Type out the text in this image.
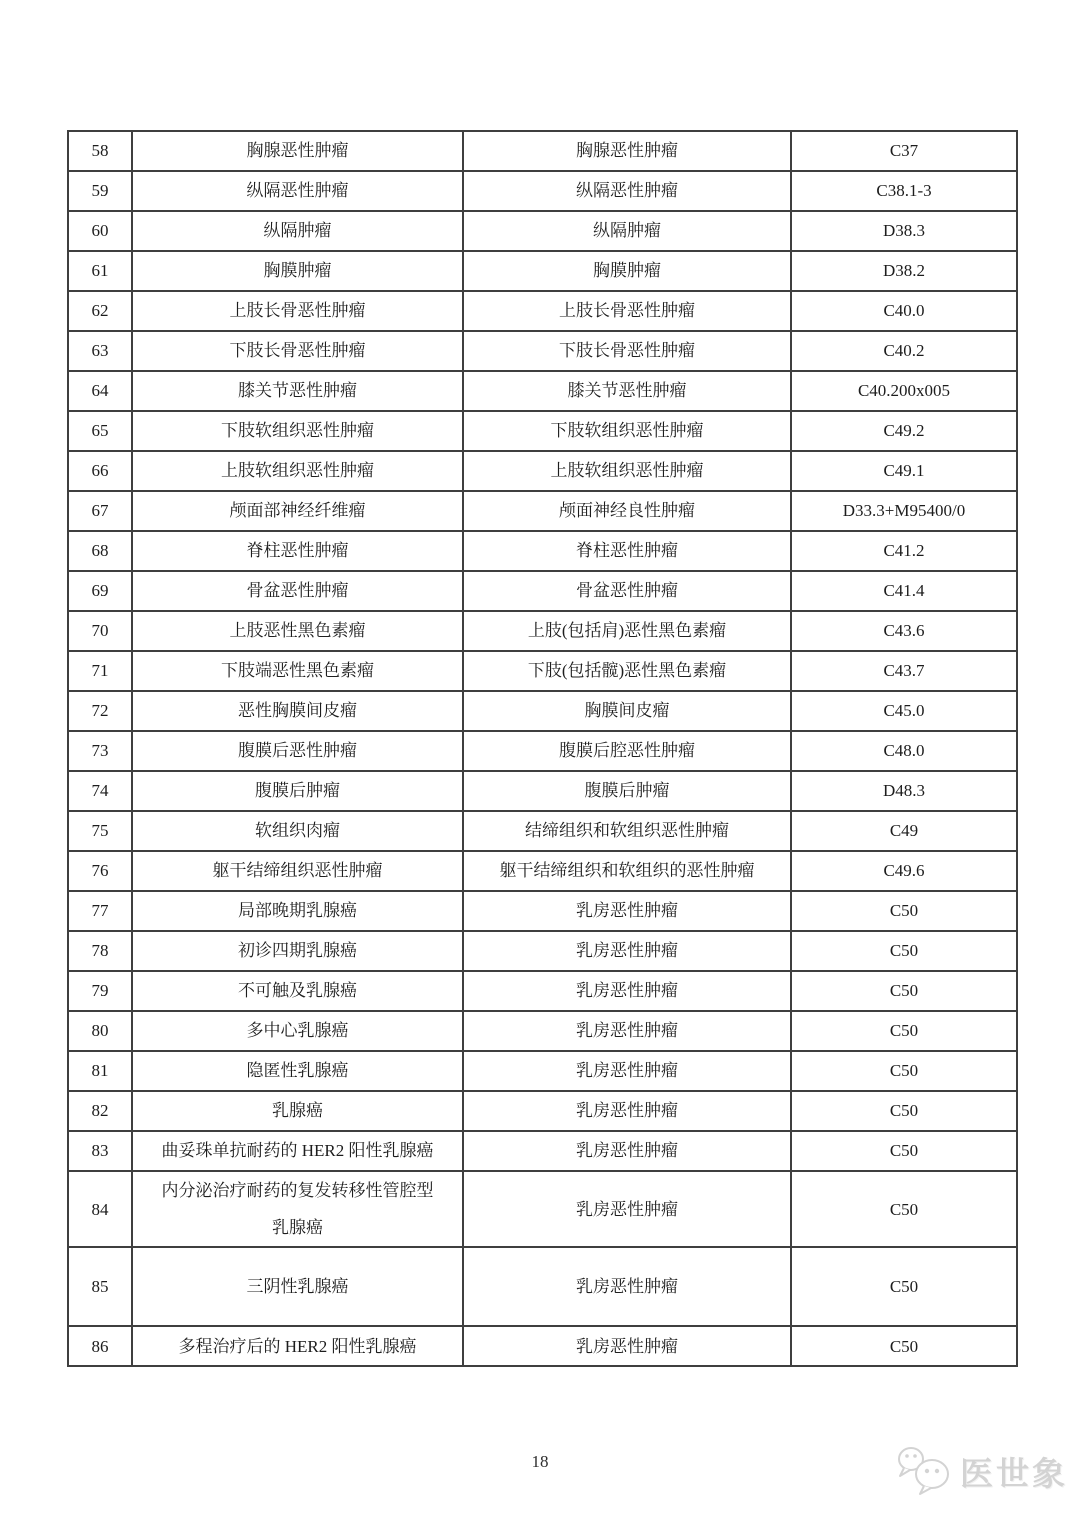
58	胸腺恶性肿瘤	胸腺恶性肿瘤	C37
59	纵隔恶性肿瘤	纵隔恶性肿瘤	C38.1-3
60	纵隔肿瘤	纵隔肿瘤	D38.3
61	胸膜肿瘤	胸膜肿瘤	D38.2
62	上肢长骨恶性肿瘤	上肢长骨恶性肿瘤	C40.0
63	下肢长骨恶性肿瘤	下肢长骨恶性肿瘤	C40.2
64	膝关节恶性肿瘤	膝关节恶性肿瘤	C40.200x005
65	下肢软组织恶性肿瘤	下肢软组织恶性肿瘤	C49.2
66	上肢软组织恶性肿瘤	上肢软组织恶性肿瘤	C49.1
67	颅面部神经纤维瘤	颅面神经良性肿瘤	D33.3+M95400/0
68	脊柱恶性肿瘤	脊柱恶性肿瘤	C41.2
69	骨盆恶性肿瘤	骨盆恶性肿瘤	C41.4
70	上肢恶性黑色素瘤	上肢(包括肩)恶性黑色素瘤	C43.6
71	下肢端恶性黑色素瘤	下肢(包括髋)恶性黑色素瘤	C43.7
72	恶性胸膜间皮瘤	胸膜间皮瘤	C45.0
73	腹膜后恶性肿瘤	腹膜后腔恶性肿瘤	C48.0
74	腹膜后肿瘤	腹膜后肿瘤	D48.3
75	软组织肉瘤	结缔组织和软组织恶性肿瘤	C49
76	躯干结缔组织恶性肿瘤	躯干结缔组织和软组织的恶性肿瘤	C49.6
77	局部晚期乳腺癌	乳房恶性肿瘤	C50
78	初诊四期乳腺癌	乳房恶性肿瘤	C50
79	不可触及乳腺癌	乳房恶性肿瘤	C50
80	多中心乳腺癌	乳房恶性肿瘤	C50
81	隐匿性乳腺癌	乳房恶性肿瘤	C50
82	乳腺癌	乳房恶性肿瘤	C50
83	曲妥珠单抗耐药的 HER2 阳性乳腺癌	乳房恶性肿瘤	C50
84	内分泌治疗耐药的复发转移性管腔型乳腺癌	乳房恶性肿瘤	C50
85	三阴性乳腺癌	乳房恶性肿瘤	C50
86	多程治疗后的 HER2 阳性乳腺癌	乳房恶性肿瘤	C50
18	医世象
